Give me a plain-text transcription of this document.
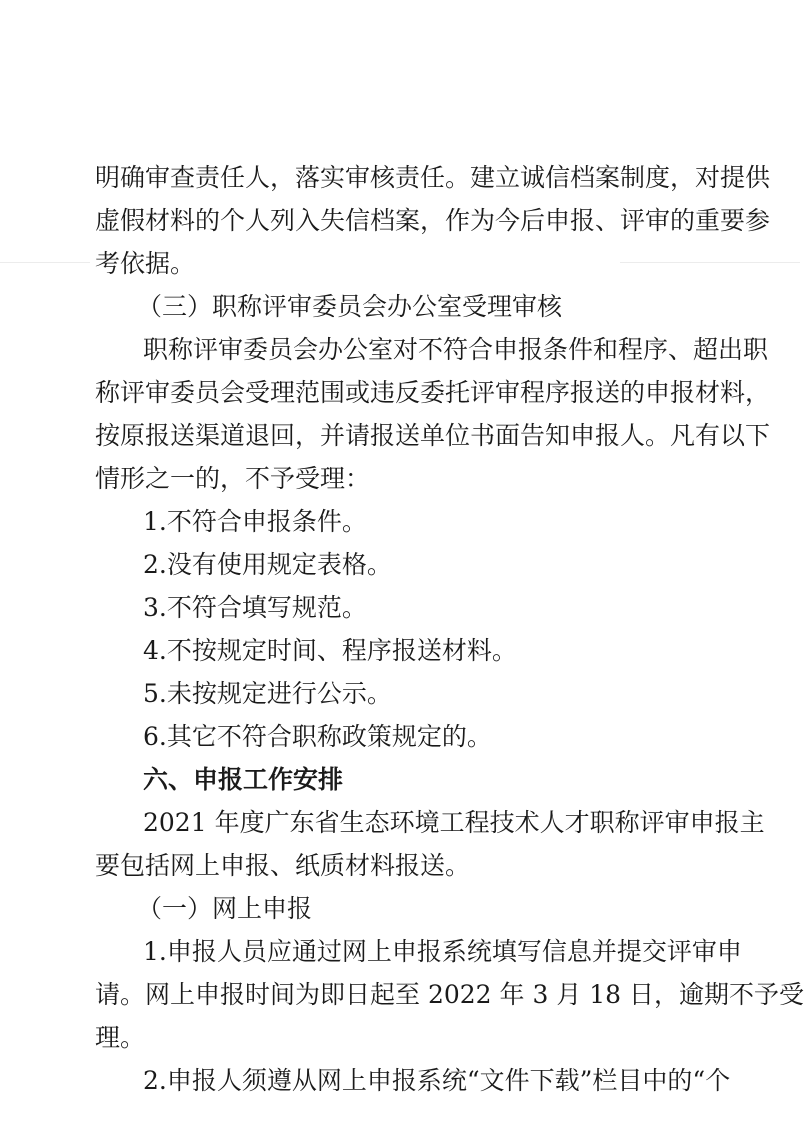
明确审查责任人，落实审核责任。建立诚信档案制度，对提供
虚假材料的个人列入失信档案，作为今后申报、评审的重要参
考依据。
（三）职称评审委员会办公室受理审核
职称评审委员会办公室对不符合申报条件和程序、超出职
称评审委员会受理范围或违反委托评审程序报送的申报材料，
按原报送渠道退回，并请报送单位书面告知申报人。凡有以下
情形之一的，不予受理：
1.不符合申报条件。
2.没有使用规定表格。
3.不符合填写规范。
4.不按规定时间、程序报送材料。
5.未按规定进行公示。
6.其它不符合职称政策规定的。
六、申报工作安排
2021 年度广东省生态环境工程技术人才职称评审申报主
要包括网上申报、纸质材料报送。
（一）网上申报
1.申报人员应通过网上申报系统填写信息并提交评审申
请。网上申报时间为即日起至 2022 年 3 月 18 日，逾期不予受
理。
2.申报人须遵从网上申报系统“文件下载”栏目中的“个
